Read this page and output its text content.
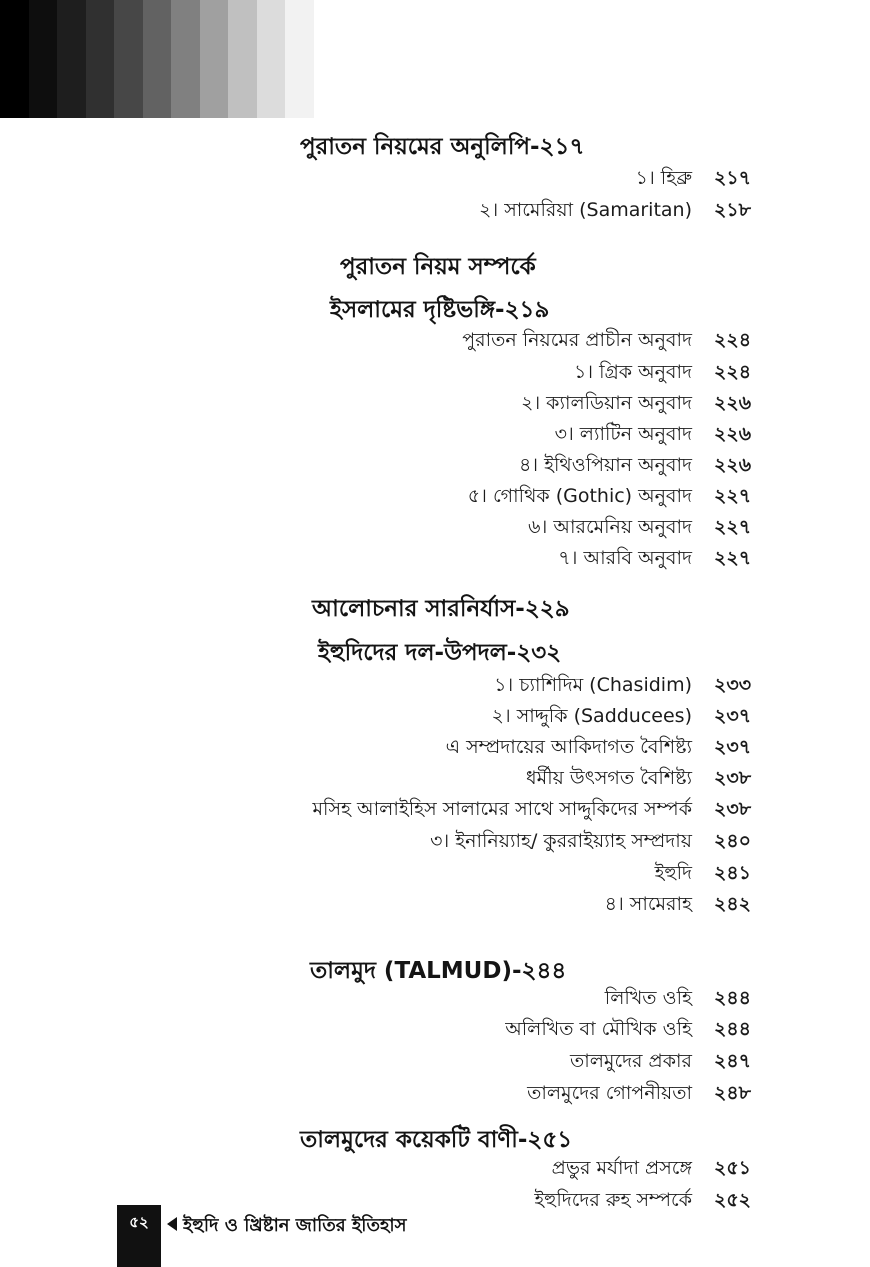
পুরাতন নিয়মের অনুলিপি-২১৭
১। হিব্রু ২১৭
২। সামেরিয়া (Samaritan) ২১৮
পুরাতন নিয়ম সম্পর্কে
ইসলামের দৃষ্টিভঙ্গি-২১৯
পুরাতন নিয়মের প্রাচীন অনুবাদ ২২৪
১। গ্রিক অনুবাদ ২২৪
২। ক্যালডিয়ান অনুবাদ ২২৬
৩। ল্যাটিন অনুবাদ ২২৬
৪। ইথিওপিয়ান অনুবাদ ২২৬
৫। গোথিক (Gothic) অনুবাদ ২২৭
৬। আরমেনিয় অনুবাদ ২২৭
৭। আরবি অনুবাদ ২২৭
আলোচনার সারনির্যাস-২২৯
ইহুদিদের দল-উপদল-২৩২
১। চ্যাশিদিম (Chasidim) ২৩৩
২। সাদ্দুকি (Sadducees) ২৩৭
এ সম্প্রদায়ের আকিদাগত বৈশিষ্ট্য ২৩৭
ধর্মীয় উৎসগত বৈশিষ্ট্য ২৩৮
মসিহ আলাইহিস সালামের সাথে সাদ্দুকিদের সম্পর্ক ২৩৮
৩। ইনানিয়্যাহ/ কুররাইয়্যাহ সম্প্রদায় ২৪০
ইহুদি ২৪১
৪। সামেরাহ ২৪২
তালমুদ (TALMUD)-২৪৪
লিখিত ওহি ২৪৪
অলিখিত বা মৌখিক ওহি ২৪৪
তালমুদের প্রকার ২৪৭
তালমুদের গোপনীয়তা ২৪৮
তালমুদের কয়েকটি বাণী-২৫১
প্রভুর মর্যাদা প্রসঙ্গে ২৫১
ইহুদিদের রুহ সম্পর্কে ২৫২
৫২	ইহুদি ও খ্রিষ্টান জাতির ইতিহাস
